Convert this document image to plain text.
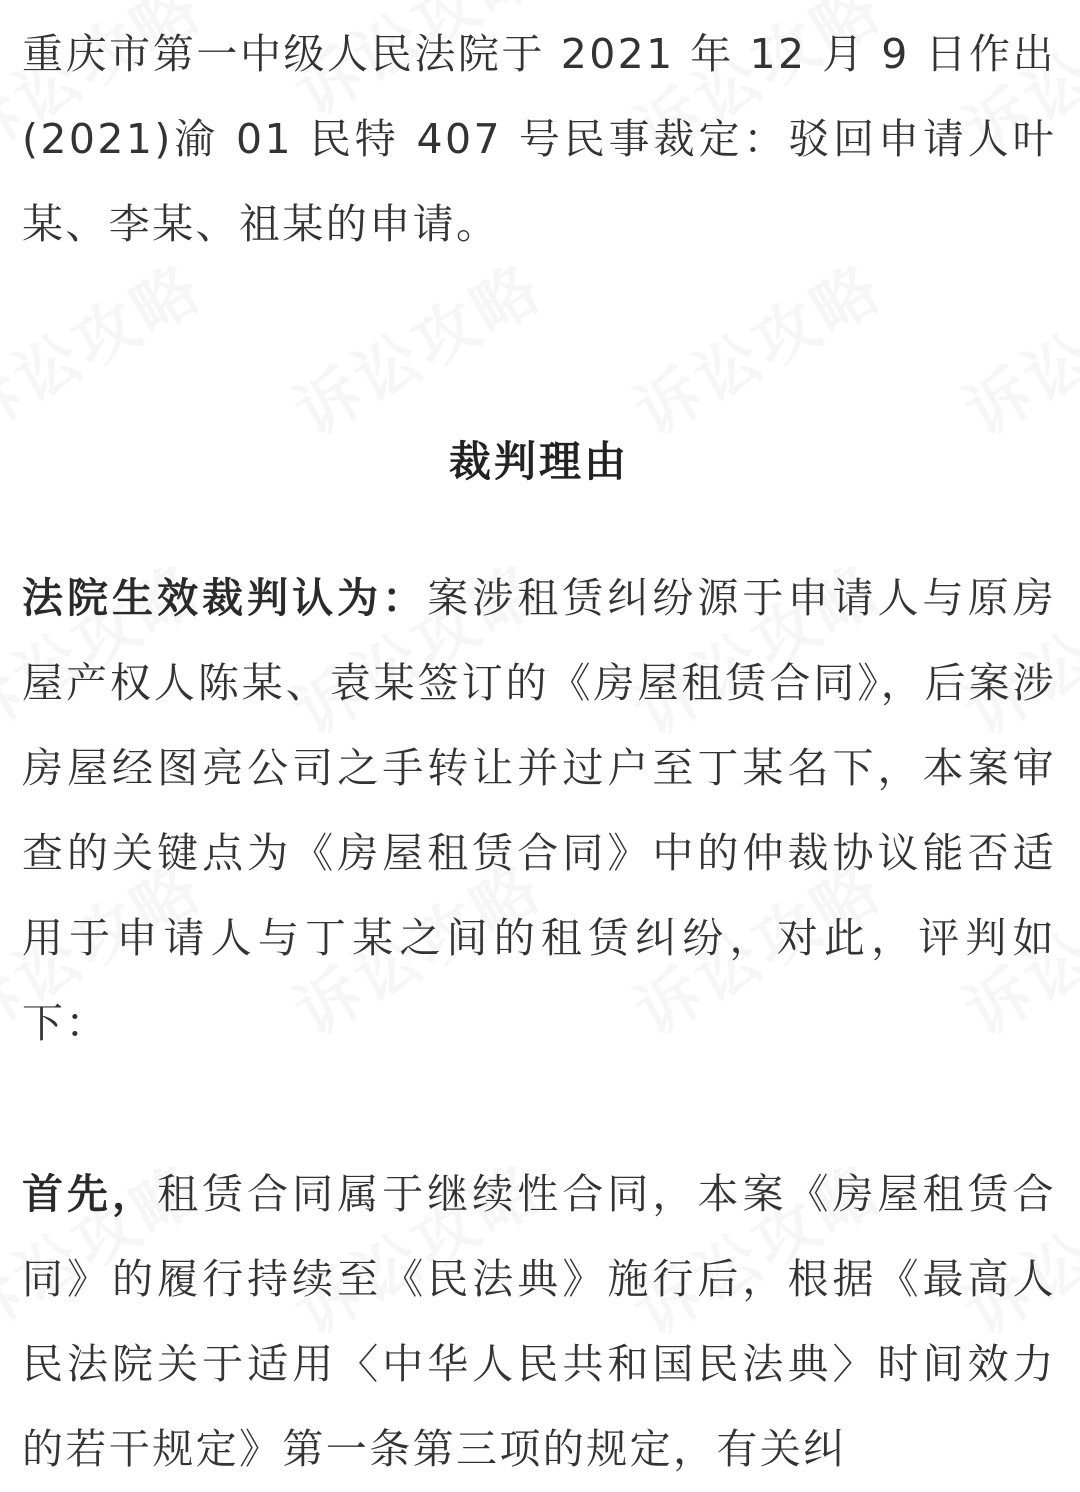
重庆市第一中级人民法院于 2021 年 12 月 9 日作出(2021)渝 01 民特 407 号民事裁定：驳回申请人叶某、李某、祖某的申请。

裁判理由

法院生效裁判认为：案涉租赁纠纷源于申请人与原房屋产权人陈某、袁某签订的《房屋租赁合同》，后案涉房屋经图亮公司之手转让并过户至丁某名下，本案审查的关键点为《房屋租赁合同》中的仲裁协议能否适用于申请人与丁某之间的租赁纠纷，对此，评判如下：

首先，租赁合同属于继续性合同，本案《房屋租赁合同》的履行持续至《民法典》施行后，根据《最高人民法院关于适用〈中华人民共和国民法典〉时间效力的若干规定》第一条第三项的规定，有关纠
